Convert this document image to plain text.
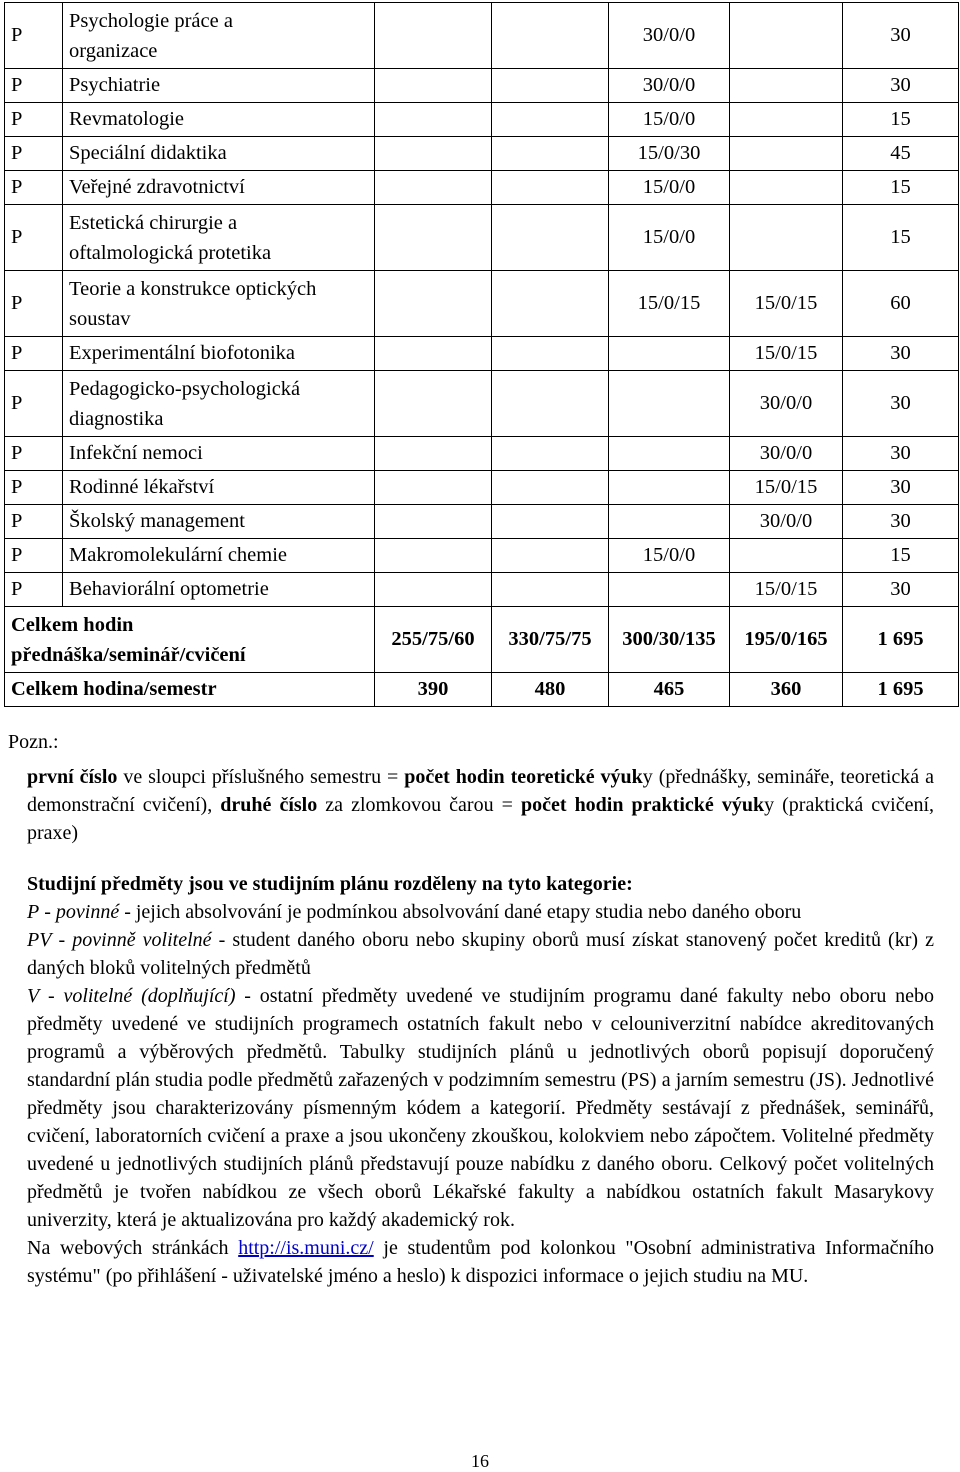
P	Psychologie práce a
organizace			30/0/0		30
P	Psychiatrie			30/0/0		30
P	Revmatologie			15/0/0		15
P	Speciální didaktika			15/0/30		45
P	Veřejné zdravotnictví			15/0/0		15
P	Estetická chirurgie a
oftalmologická protetika			15/0/0		15
P	Teorie a konstrukce optických
soustav			15/0/15	15/0/15	60
P	Experimentální biofotonika				15/0/15	30
P	Pedagogicko-psychologická
diagnostika				30/0/0	30
P	Infekční nemoci				30/0/0	30
P	Rodinné lékařství				15/0/15	30
P	Školský management				30/0/0	30
P	Makromolekulární chemie			15/0/0		15
P	Behaviorální optometrie				15/0/15	30

Celkem hodin
přednáška/seminář/cvičení		255/75/60	330/75/75	300/30/135	195/0/165	1 695

Celkem hodina/semestr		390	480	465	360	1 695
Pozn.:

první číslo ve sloupci příslušného semestru = počet hodin teoretické výuky (přednášky, semináře, teoretická a demonstrační cvičení), druhé číslo za zlomkovou čarou = počet hodin praktické výuky (praktická cvičení, praxe)

Studijní předměty jsou ve studijním plánu rozděleny na tyto kategorie:

P - povinné - jejich absolvování je podmínkou absolvování dané etapy studia nebo daného oboru

PV - povinně volitelné - student daného oboru nebo skupiny oborů musí získat stanovený počet kreditů (kr) z daných bloků volitelných předmětů

V - volitelné (doplňující) - ostatní předměty uvedené ve studijním programu dané fakulty nebo oboru nebo předměty uvedené ve studijních programech ostatních fakult nebo v celouniverzitní nabídce akreditovaných programů a výběrových předmětů. Tabulky studijních plánů u jednotlivých oborů popisují doporučený standardní plán studia podle předmětů zařazených v podzimním semestru (PS) a jarním semestru (JS). Jednotlivé předměty jsou charakterizovány písmenným kódem a kategorií. Předměty sestávají z přednášek, seminářů, cvičení, laboratorních cvičení a praxe a jsou ukončeny zkouškou, kolokviem nebo zápočtem. Volitelné předměty uvedené u jednotlivých studijních plánů představují pouze nabídku z daného oboru. Celkový počet volitelných předmětů je tvořen nabídkou ze všech oborů Lékařské fakulty a nabídkou ostatních fakult Masarykovy univerzity, která je aktualizována pro každý akademický rok.

Na webových stránkách http://is.muni.cz/ je studentům pod kolonkou "Osobní administrativa Informačního systému" (po přihlášení - uživatelské jméno a heslo) k dispozici informace o jejich studiu na MU.

16
